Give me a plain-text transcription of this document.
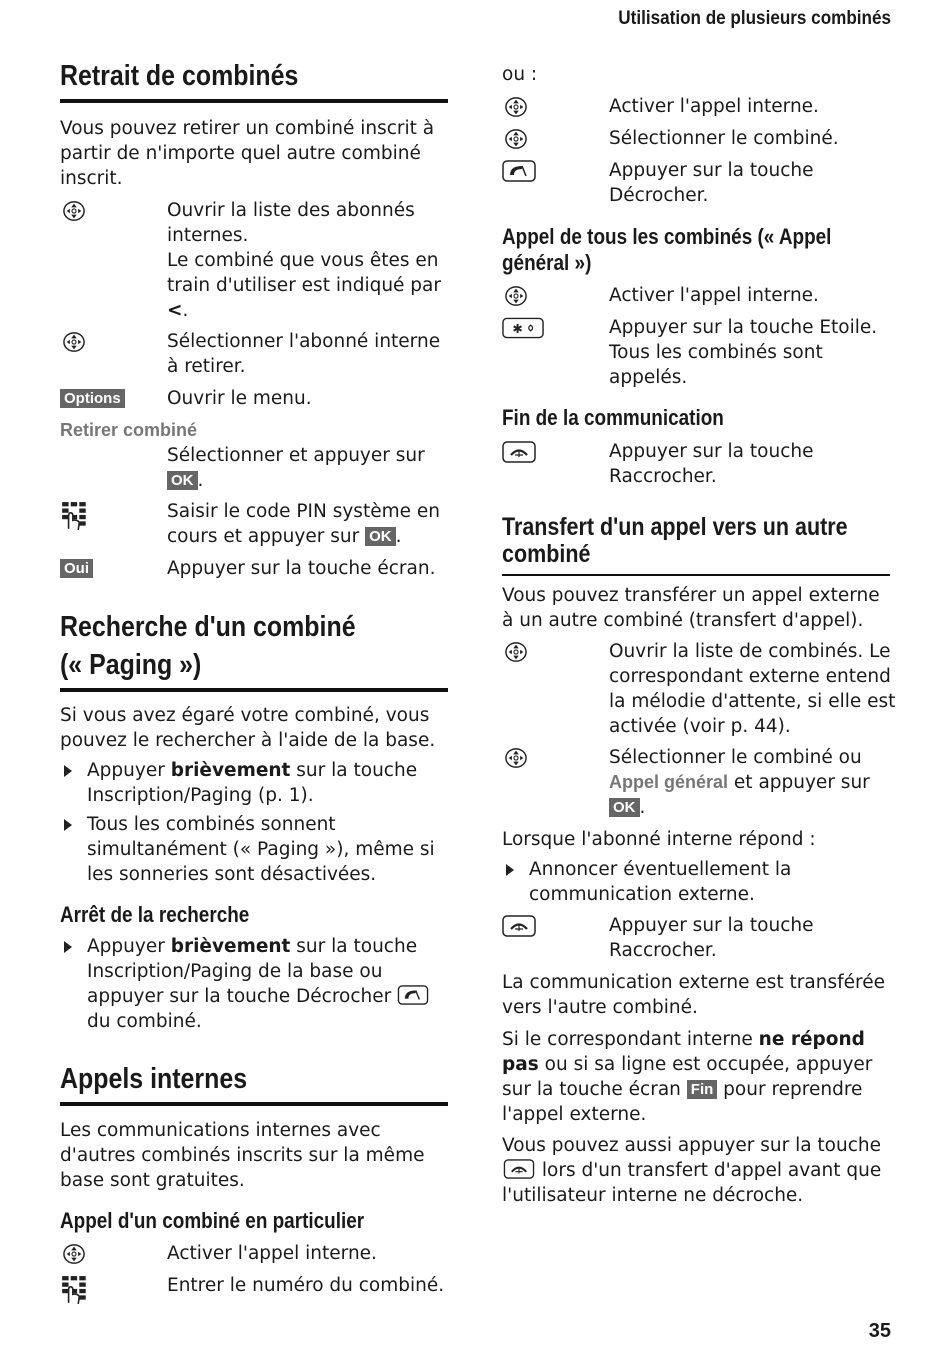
Utilisation de plusieurs combinés
Retrait de combinés
Vous pouvez retirer un combiné inscrit à partir de n'importe quel autre combiné inscrit.
Ouvrir la liste des abonnés internes.
Le combiné que vous êtes en train d'utiliser est indiqué par <.
Sélectionner l'abonné interne à retirer.
Options	Ouvrir le menu.
Retirer combiné
Sélectionner et appuyer sur
OK .
Saisir le code PIN système en cours et appuyer sur OK .
Oui	Appuyer sur la touche écran.
Recherche d'un combiné
(« Paging »)
Si vous avez égaré votre combiné, vous pouvez le rechercher à l'aide de la base.
Appuyer brièvement sur la touche Inscription/Paging (p. 1).
Tous les combinés sonnent simultanément (« Paging »), même si les sonneries sont désactivées.
Arrêt de la recherche
Appuyer brièvement sur la touche Inscription/Paging de la base ou appuyer sur la touche Décrocher  du combiné.
Appels internes
Les communications internes avec d'autres combinés inscrits sur la même base sont gratuites.
Appel d'un combiné en particulier
Activer l'appel interne.
Entrer le numéro du combiné.
ou :
Activer l'appel interne.
Sélectionner le combiné.
Appuyer sur la touche Décrocher.
Appel de tous les combinés (« Appel général »)
Activer l'appel interne.
Appuyer sur la touche Etoile. Tous les combinés sont appelés.
Fin de la communication
Appuyer sur la touche Raccrocher.
Transfert d'un appel vers un autre combiné
Vous pouvez transférer un appel externe à un autre combiné (transfert d'appel).
Ouvrir la liste de combinés. Le correspondant externe entend la mélodie d'attente, si elle est activée (voir p. 44).
Sélectionner le combiné ou Appel général et appuyer sur
OK .
Lorsque l'abonné interne répond :
Annoncer éventuellement la communication externe.
Appuyer sur la touche Raccrocher.
La communication externe est transférée vers l'autre combiné.
Si le correspondant interne ne répond pas ou si sa ligne est occupée, appuyer sur la touche écran Fin pour reprendre l'appel externe.
Vous pouvez aussi appuyer sur la touche
lors d'un transfert d'appel avant que l'utilisateur interne ne décroche.
35
